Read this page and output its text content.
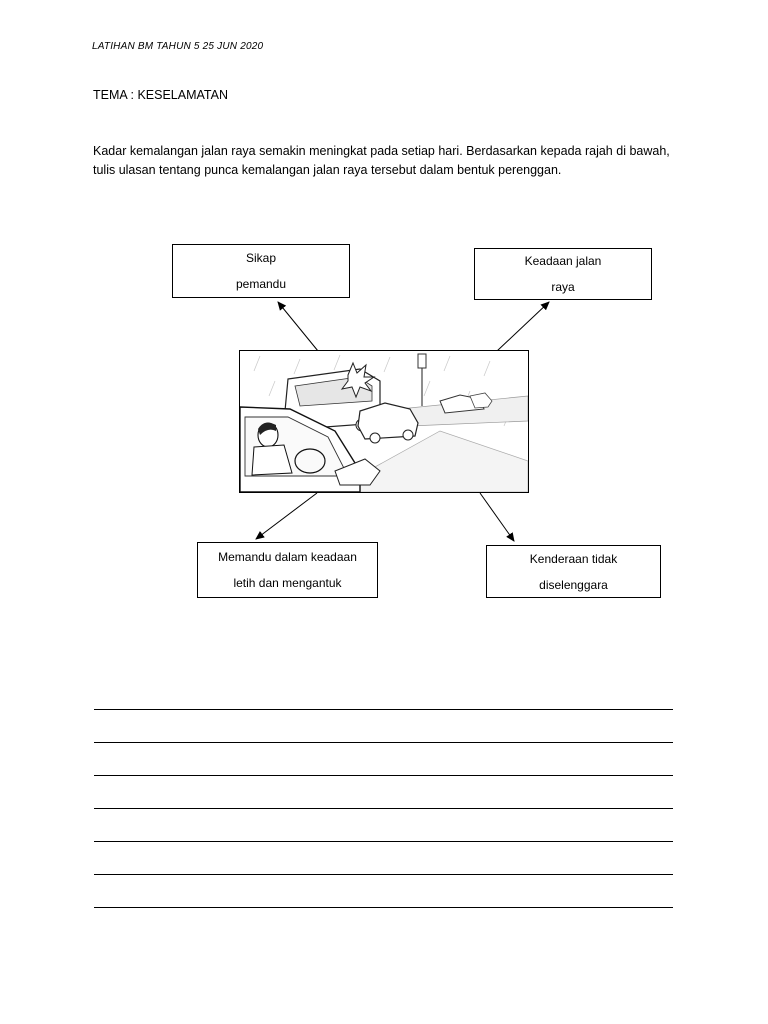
LATIHAN BM TAHUN 5 25 JUN 2020
TEMA : KESELAMATAN
Kadar kemalangan jalan raya semakin meningkat pada setiap hari. Berdasarkan kepada rajah di bawah, tulis ulasan tentang punca kemalangan jalan raya tersebut dalam bentuk perenggan.
Sikap
pemandu
Keadaan jalan
raya
Memandu dalam keadaan
letih dan mengantuk
Kenderaan tidak
diselenggara
